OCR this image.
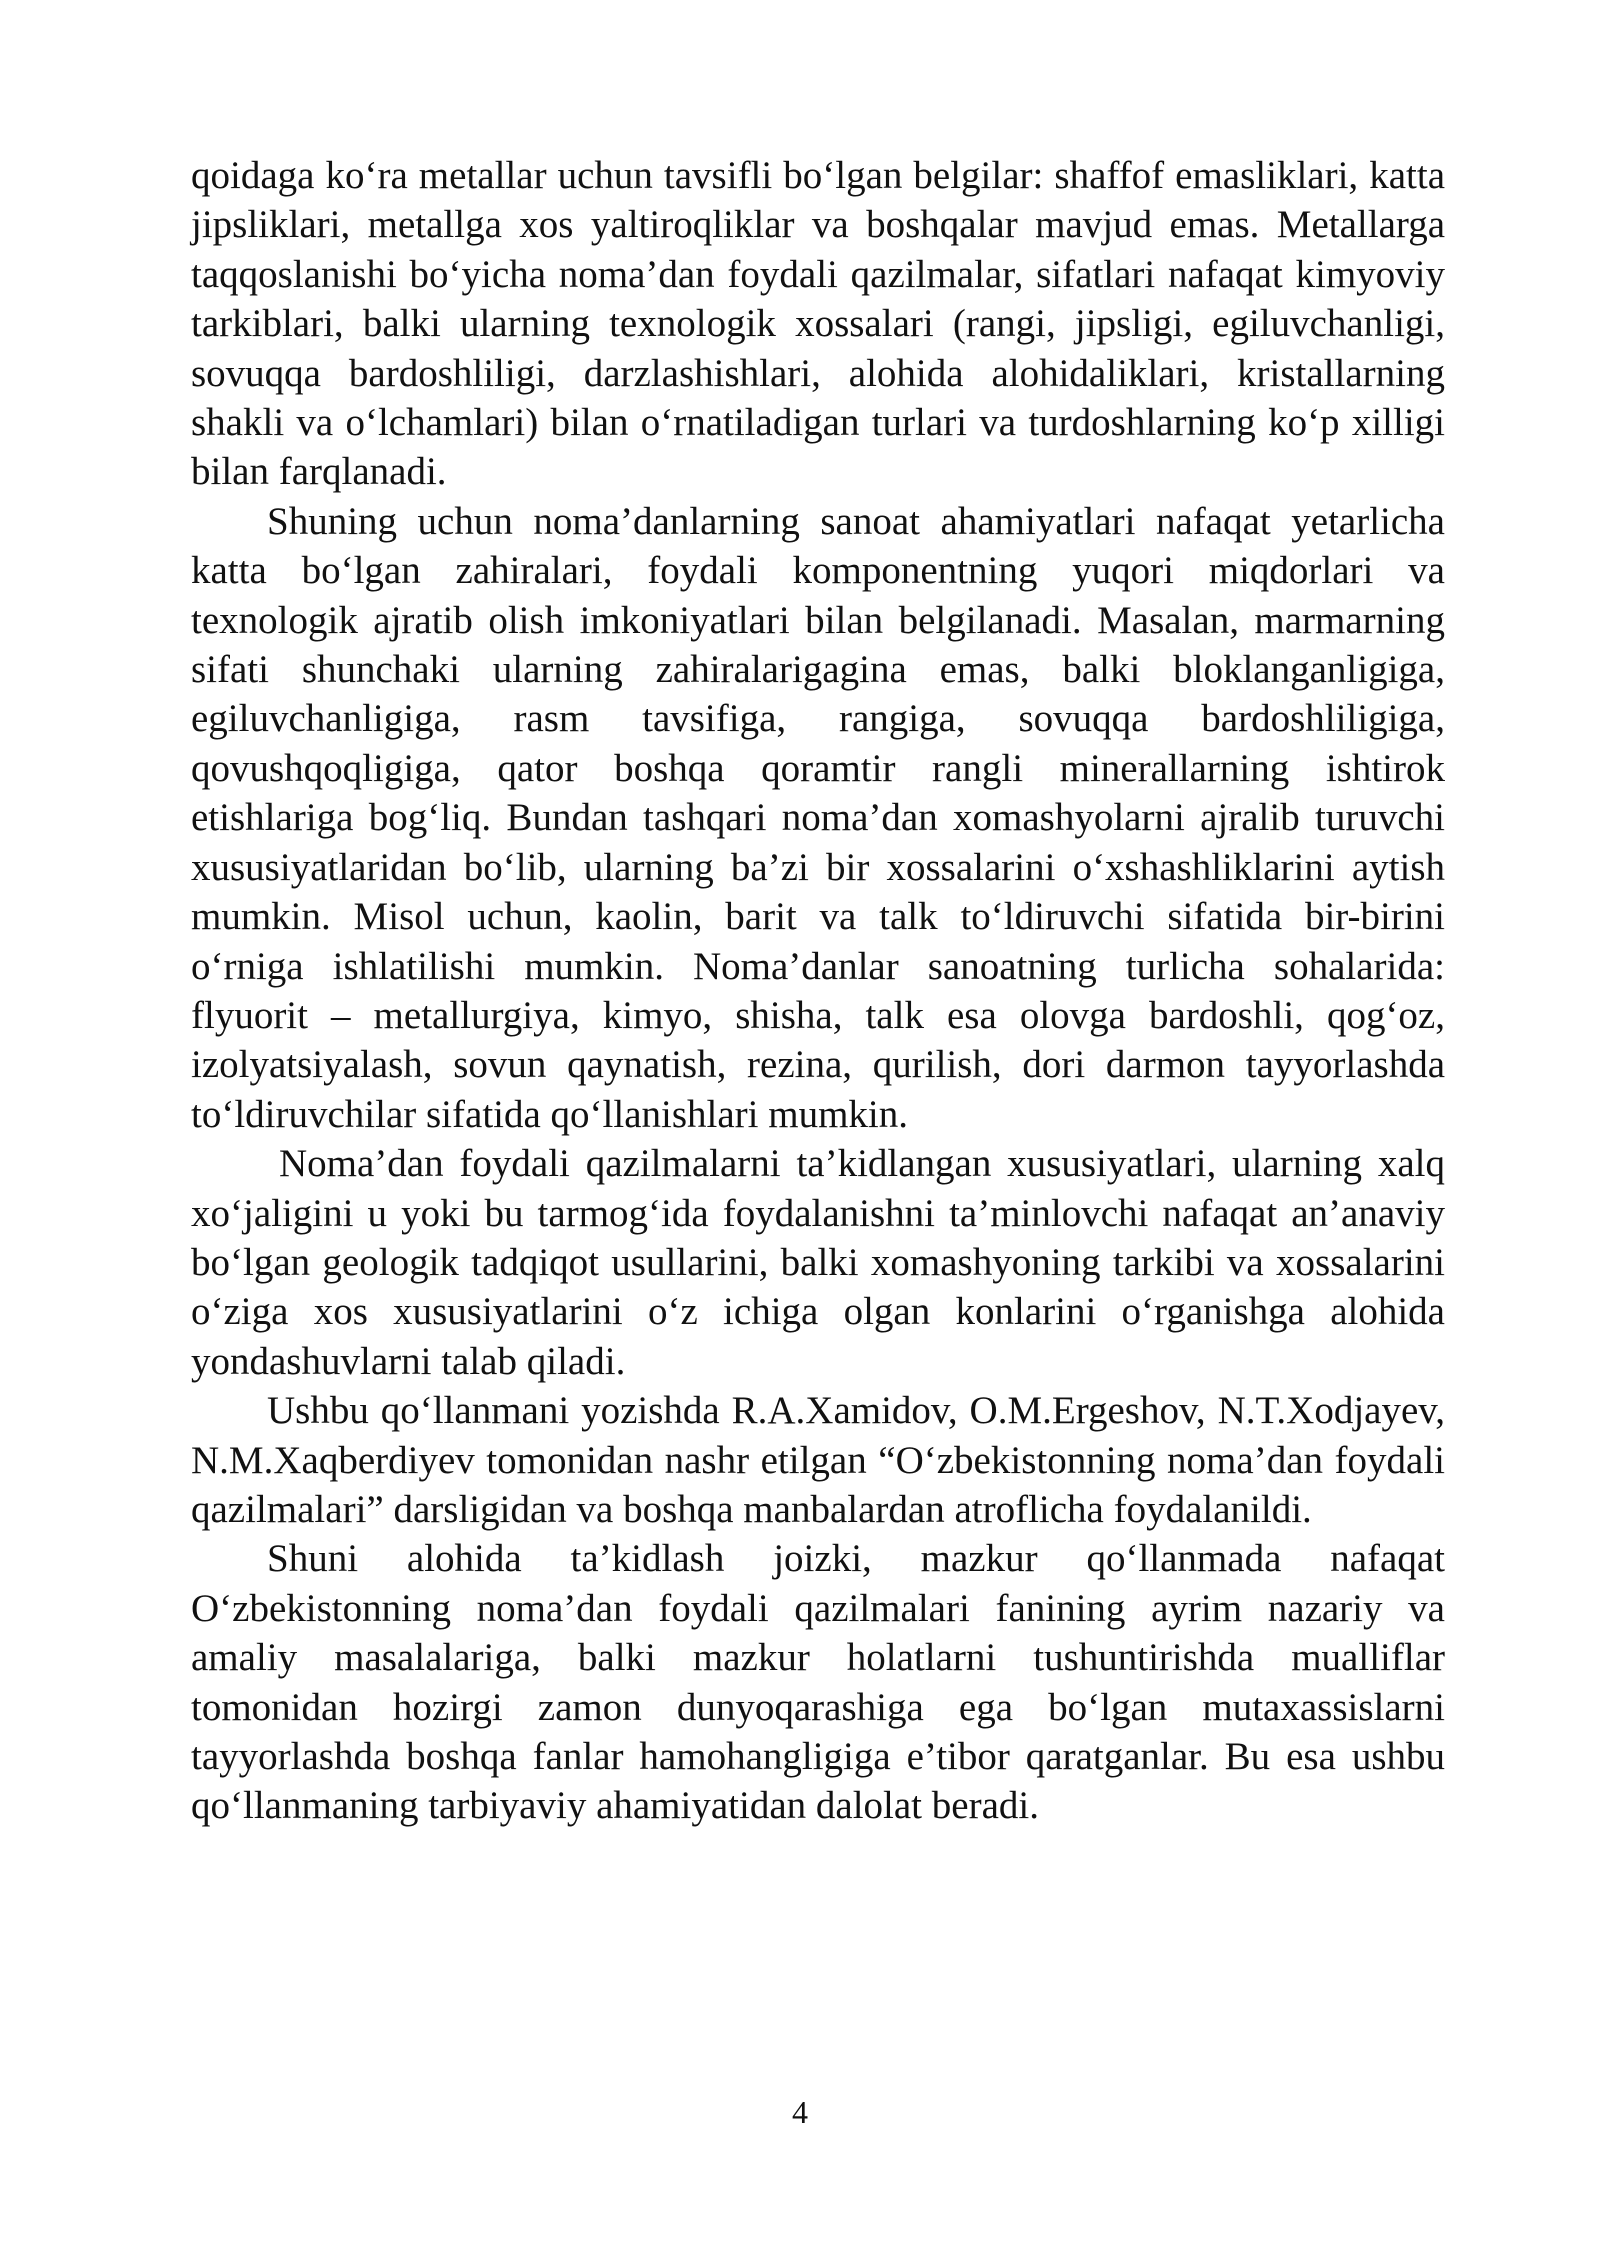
qoidaga ko‘ra metallar uchun tavsifli bo‘lgan belgilar: shaffof emasliklari, katta jipsliklari, metallga xos yaltiroqliklar va boshqalar mavjud emas. Metallarga taqqoslanishi bo‘yicha noma’dan foydali qazilmalar, sifatlari nafaqat kimyoviy tarkiblari, balki ularning texnologik xossalari (rangi, jipsligi, egiluvchanligi, sovuqqa bardoshliligi, darzlashishlari, alohida alohidaliklari, kristallarning shakli va o‘lchamlari) bilan o‘rnatiladigan turlari va turdoshlarning ko‘p xilligi bilan farqlanadi.

Shuning uchun noma’danlarning sanoat ahamiyatlari nafaqat yetarlicha katta bo‘lgan zahiralari, foydali komponentning yuqori miqdorlari va texnologik ajratib olish imkoniyatlari bilan belgilanadi. Masalan, marmarning sifati shunchaki ularning zahiralarigagina emas, balki bloklanganligiga, egiluvchanligiga, rasm tavsifiga, rangiga, sovuqqa bardoshliligiga, qovushqoqligiga, qator boshqa qoramtir rangli minerallarning ishtirok etishlariga bog‘liq. Bundan tashqari noma’dan xomashyolarni ajralib turuvchi xususiyatlaridan bo‘lib, ularning ba’zi bir xossalarini o‘xshashliklarini aytish mumkin. Misol uchun, kaolin, barit va talk to‘ldiruvchi sifatida bir-birini o‘rniga ishlatilishi mumkin. Noma’danlar sanoatning turlicha sohalarida: flyuorit – metallurgiya, kimyo, shisha, talk esa olovga bardoshli, qog‘oz, izolyatsiyalash, sovun qaynatish, rezina, qurilish, dori darmon tayyorlashda to‘ldiruvchilar sifatida qo‘llanishlari mumkin.

Noma’dan foydali qazilmalarni ta’kidlangan xususiyatlari, ularning xalq xo‘jaligini u yoki bu tarmog‘ida foydalanishni ta’minlovchi nafaqat an’anaviy bo‘lgan geologik tadqiqot usullarini, balki xomashyoning tarkibi va xossalarini o‘ziga xos xususiyatlarini o‘z ichiga olgan konlarini o‘rganishga alohida yondashuvlarni talab qiladi.

Ushbu qo‘llanmani yozishda R.A.Xamidov, O.M.Ergeshov, N.T.Xodjayev, N.M.Xaqberdiyev tomonidan nashr etilgan “O‘zbekistonning noma’dan foydali qazilmalari” darsligidan va boshqa manbalardan atroflicha foydalanildi.

Shuni alohida ta’kidlash joizki, mazkur qo‘llanmada nafaqat O‘zbekistonning noma’dan foydali qazilmalari fanining ayrim nazariy va amaliy masalalariga, balki mazkur holatlarni tushuntirishda mualliflar tomonidan hozirgi zamon dunyoqarashiga ega bo‘lgan mutaxassislarni tayyorlashda boshqa fanlar hamohangligiga e’tibor qaratganlar. Bu esa ushbu qo‘llanmaning tarbiyaviy ahamiyatidan dalolat beradi.

4
